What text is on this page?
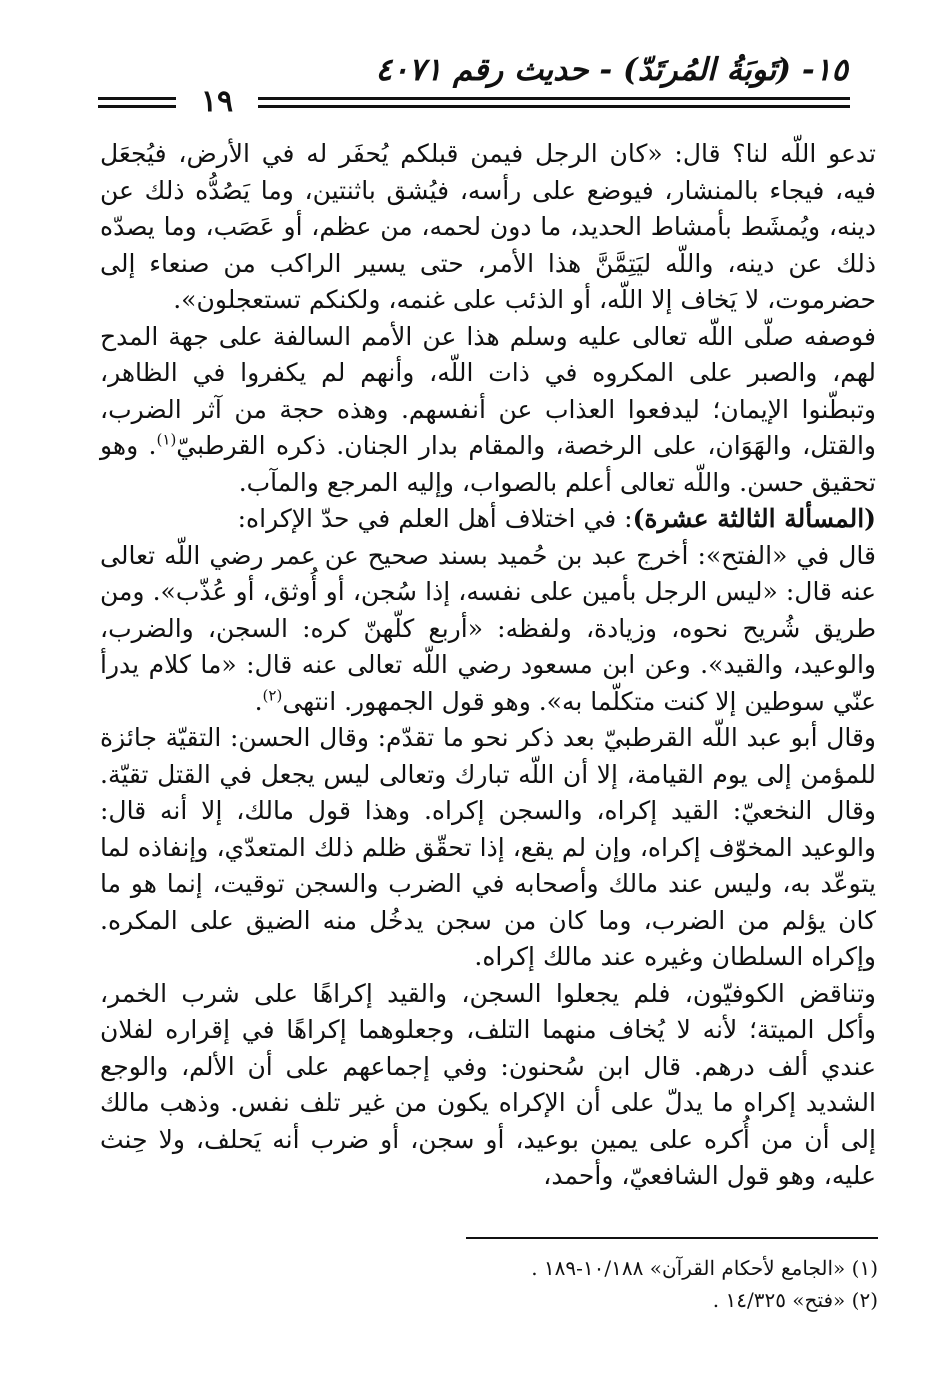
١٥- (تَوبَةُ المُرتَدّ) - حديث رقم ٤٠٧١
١٩

تدعو اللّه لنا؟ قال: «كان الرجل فيمن قبلكم يُحفَر له في الأرض، فيُجعَل فيه، فيجاء بالمنشار، فيوضع على رأسه، فيُشق باثنتين، وما يَصُدُّه ذلك عن دينه، ويُمشَط بأمشاط الحديد، ما دون لحمه، من عظم، أو عَصَب، وما يصدّه ذلك عن دينه، واللّه ليَتِمَّنَّ هذا الأمر، حتى يسير الراكب من صنعاء إلى حضرموت، لا يَخاف إلا اللّه، أو الذئب على غنمه، ولكنكم تستعجلون».

فوصفه صلّى اللّه تعالى عليه وسلم هذا عن الأمم السالفة على جهة المدح لهم، والصبر على المكروه في ذات اللّه، وأنهم لم يكفروا في الظاهر، وتبطّنوا الإيمان؛ ليدفعوا العذاب عن أنفسهم. وهذه حجة من آثر الضرب، والقتل، والهَوَان، على الرخصة، والمقام بدار الجنان. ذكره القرطبيّ$^{(١)}$. وهو تحقيق حسن. واللّه تعالى أعلم بالصواب، وإليه المرجع والمآب.

(المسألة الثالثة عشرة): في اختلاف أهل العلم في حدّ الإكراه:

قال في «الفتح»: أخرج عبد بن حُميد بسند صحيح عن عمر رضي اللّه تعالى عنه قال: «ليس الرجل بأمين على نفسه، إذا سُجن، أو أُوثق، أو عُذّب». ومن طريق شُريح نحوه، وزيادة، ولفظه: «أربع كلّهنّ كره: السجن، والضرب، والوعيد، والقيد». وعن ابن مسعود رضي اللّه تعالى عنه قال: «ما كلام يدرأ عنّي سوطين إلا كنت متكلّما به». وهو قول الجمهور. انتهى$^{(٢)}$.

وقال أبو عبد اللّه القرطبيّ بعد ذكر نحو ما تقدّم: وقال الحسن: التقيّة جائزة للمؤمن إلى يوم القيامة، إلا أن اللّه تبارك وتعالى ليس يجعل في القتل تقيّة. وقال النخعيّ: القيد إكراه، والسجن إكراه. وهذا قول مالك، إلا أنه قال: والوعيد المخوّف إكراه، وإن لم يقع، إذا تحقّق ظلم ذلك المتعدّي، وإنفاذه لما يتوعّد به، وليس عند مالك وأصحابه في الضرب والسجن توقيت، إنما هو ما كان يؤلم من الضرب، وما كان من سجن يدخُل منه الضيق على المكره. وإكراه السلطان وغيره عند مالك إكراه.

وتناقض الكوفيّون، فلم يجعلوا السجن، والقيد إكراهًا على شرب الخمر، وأكل الميتة؛ لأنه لا يُخاف منهما التلف، وجعلوهما إكراهًا في إقراره لفلان عندي ألف درهم. قال ابن سُحنون: وفي إجماعهم على أن الألم، والوجع الشديد إكراه ما يدلّ على أن الإكراه يكون من غير تلف نفس. وذهب مالك إلى أن من أُكره على يمين بوعيد، أو سجن، أو ضرب أنه يَحلف، ولا حِنث عليه، وهو قول الشافعيّ، وأحمد،

(١) «الجامع لأحكام القرآن» ١٠/١٨٨-١٨٩ .
(٢) «فتح» ١٤/٣٢٥ .
